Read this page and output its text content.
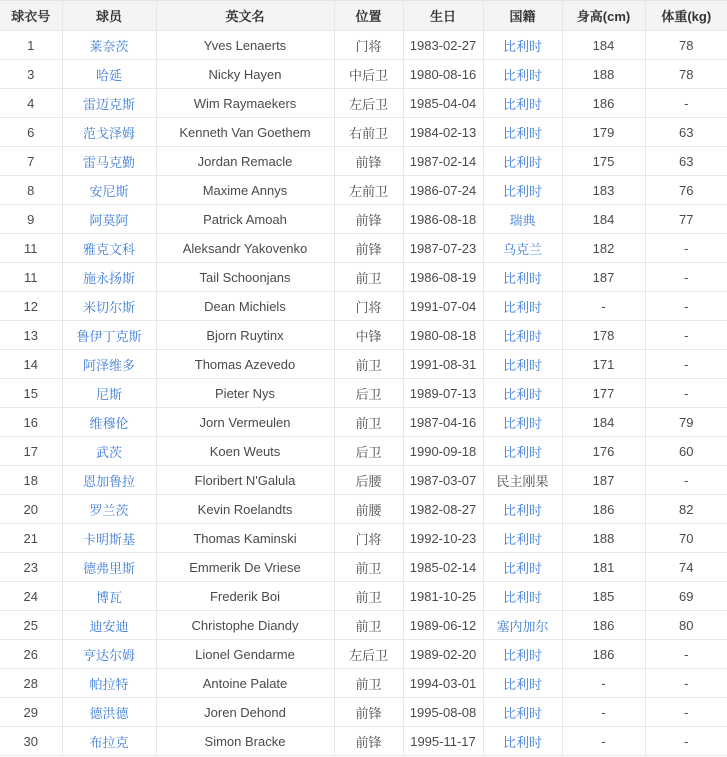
球衣号	球员	英文名	位置	生日	国籍	身高(cm)	体重(kg)
1	莱奈茨	Yves Lenaerts	门将	1983-02-27	比利时	184	78
3	哈延	Nicky Hayen	中后卫	1980-08-16	比利时	188	78
4	雷迈克斯	Wim Raymaekers	左后卫	1985-04-04	比利时	186	-
6	范戈泽姆	Kenneth Van Goethem	右前卫	1984-02-13	比利时	179	63
7	雷马克勤	Jordan Remacle	前锋	1987-02-14	比利时	175	63
8	安尼斯	Maxime Annys	左前卫	1986-07-24	比利时	183	76
9	阿莫阿	Patrick Amoah	前锋	1986-08-18	瑞典	184	77
11	雅克文科	Aleksandr Yakovenko	前锋	1987-07-23	乌克兰	182	-
11	施永扬斯	Tail Schoonjans	前卫	1986-08-19	比利时	187	-
12	米切尔斯	Dean Michiels	门将	1991-07-04	比利时	-	-
13	鲁伊丁克斯	Bjorn Ruytinx	中锋	1980-08-18	比利时	178	-
14	阿泽维多	Thomas Azevedo	前卫	1991-08-31	比利时	171	-
15	尼斯	Pieter Nys	后卫	1989-07-13	比利时	177	-
16	维穆伦	Jorn Vermeulen	前卫	1987-04-16	比利时	184	79
17	武茨	Koen Weuts	后卫	1990-09-18	比利时	176	60
18	恩加鲁拉	Floribert N'Galula	后腰	1987-03-07	民主刚果	187	-
20	罗兰茨	Kevin Roelandts	前腰	1982-08-27	比利时	186	82
21	卡明斯基	Thomas Kaminski	门将	1992-10-23	比利时	188	70
23	德弗里斯	Emmerik De Vriese	前卫	1985-02-14	比利时	181	74
24	博瓦	Frederik Boi	前卫	1981-10-25	比利时	185	69
25	迪安迪	Christophe Diandy	前卫	1989-06-12	塞内加尔	186	80
26	亨达尔姆	Lionel Gendarme	左后卫	1989-02-20	比利时	186	-
28	帕拉特	Antoine Palate	前卫	1994-03-01	比利时	-	-
29	德洪德	Joren Dehond	前锋	1995-08-08	比利时	-	-
30	布拉克	Simon Bracke	前锋	1995-11-17	比利时	-	-
